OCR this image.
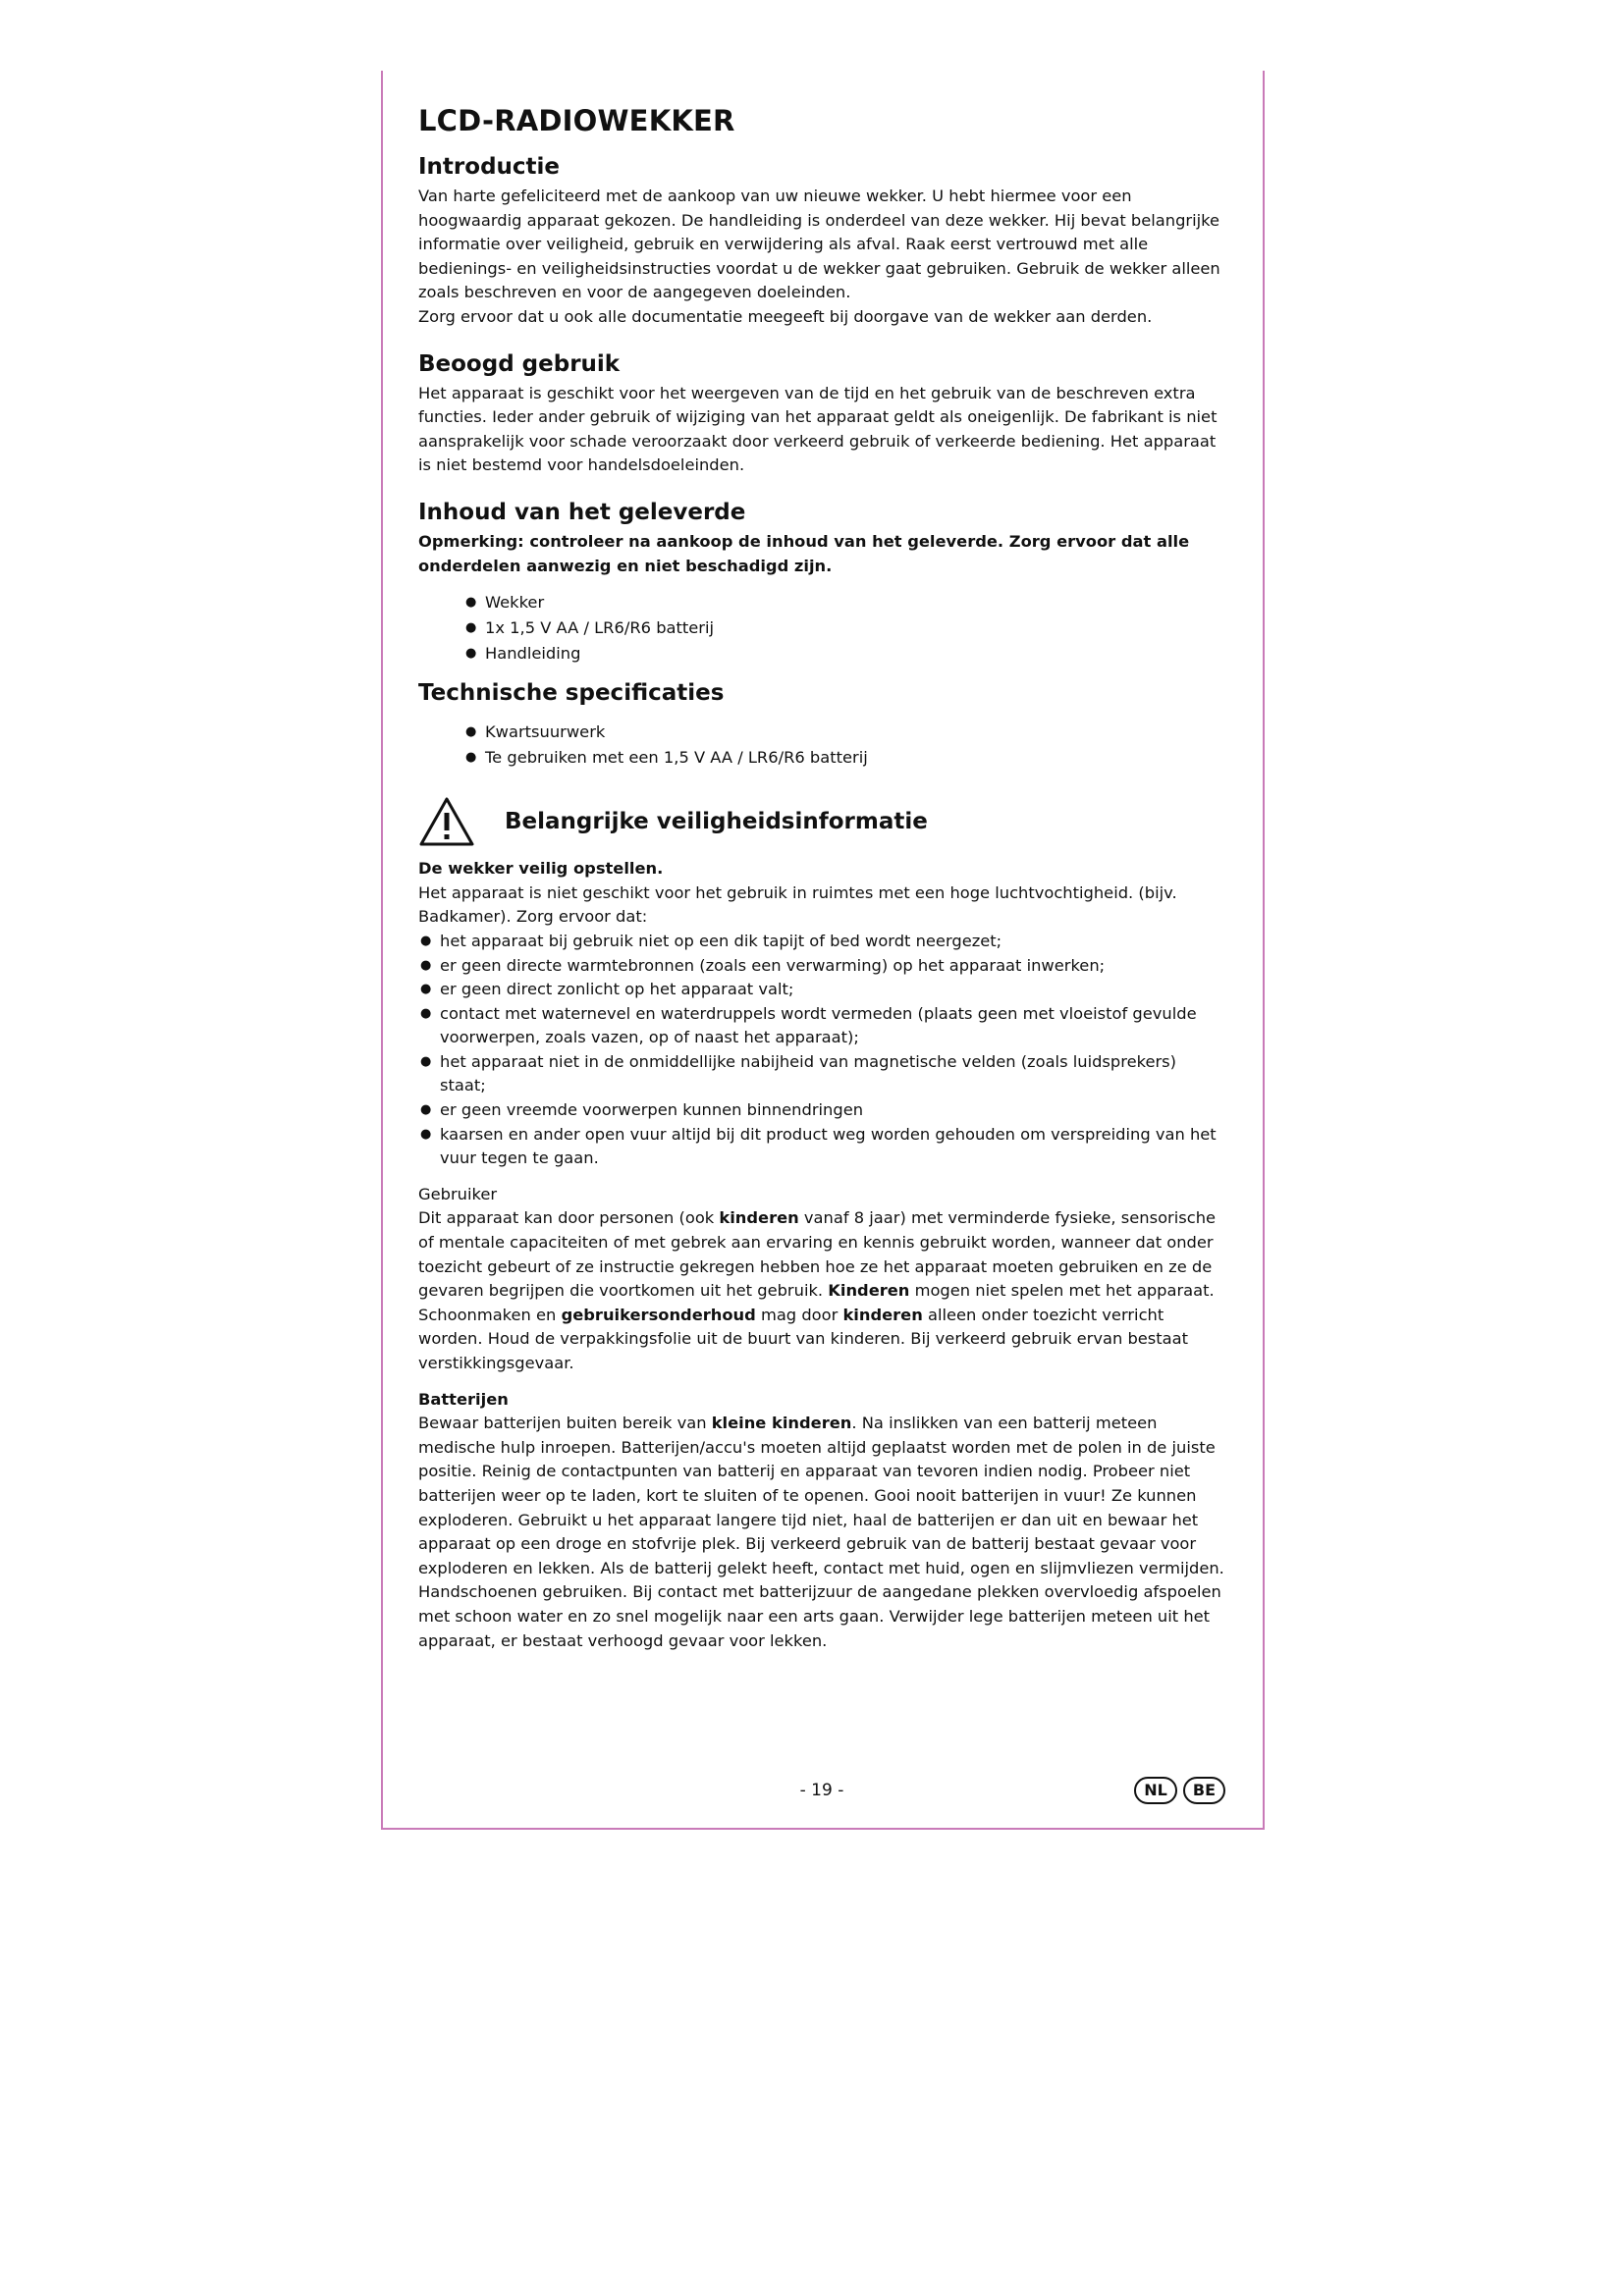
LCD-RADIOWEKKER
Introductie

Van harte gefeliciteerd met de aankoop van uw nieuwe wekker. U hebt hiermee voor een hoogwaardig apparaat gekozen. De handleiding is onderdeel van deze wekker. Hij bevat belangrijke informatie over veiligheid, gebruik en verwijdering als afval. Raak eerst vertrouwd met alle bedienings- en veiligheidsinstructies voordat u de wekker gaat gebruiken. Gebruik de wekker alleen zoals beschreven en voor de aangegeven doeleinden.

Zorg ervoor dat u ook alle documentatie meegeeft bij doorgave van de wekker aan derden.

Beoogd gebruik

Het apparaat is geschikt voor het weergeven van de tijd en het gebruik van de beschreven extra functies. Ieder ander gebruik of wijziging van het apparaat geldt als oneigenlijk. De fabrikant is niet aansprakelijk voor schade veroorzaakt door verkeerd gebruik of verkeerde bediening. Het apparaat is niet bestemd voor handelsdoeleinden.

Inhoud van het geleverde

Opmerking: controleer na aankoop de inhoud van het geleverde. Zorg ervoor dat alle onderdelen aanwezig en niet beschadigd zijn.

● Wekker
● 1x 1,5 V AA / LR6/R6 batterij
● Handleiding
Technische specificaties
● Kwartsuurwerk
● Te gebruiken met een 1,5 V AA / LR6/R6 batterij
Belangrijke veiligheidsinformatie

De wekker veilig opstellen.

Het apparaat is niet geschikt voor het gebruik in ruimtes met een hoge luchtvochtigheid. (bijv. Badkamer). Zorg ervoor dat:

● het apparaat bij gebruik niet op een dik tapijt of bed wordt neergezet;
● er geen directe warmtebronnen (zoals een verwarming) op het apparaat inwerken;
● er geen direct zonlicht op het apparaat valt;
● contact met waternevel en waterdruppels wordt vermeden (plaats geen met vloeistof gevulde voorwerpen, zoals vazen, op of naast het apparaat);
● het apparaat niet in de onmiddellijke nabijheid van magnetische velden (zoals luidsprekers) staat;
● er geen vreemde voorwerpen kunnen binnendringen
● kaarsen en ander open vuur altijd bij dit product weg worden gehouden om verspreiding van het vuur tegen te gaan.

Gebruiker

Dit apparaat kan door personen (ook kinderen vanaf 8 jaar) met verminderde fysieke, sensorische of mentale capaciteiten of met gebrek aan ervaring en kennis gebruikt worden, wanneer dat onder toezicht gebeurt of ze instructie gekregen hebben hoe ze het apparaat moeten gebruiken en ze de gevaren begrijpen die voortkomen uit het gebruik. Kinderen mogen niet spelen met het apparaat. Schoonmaken en gebruikersonderhoud mag door kinderen alleen onder toezicht verricht worden. Houd de verpakkingsfolie uit de buurt van kinderen. Bij verkeerd gebruik ervan bestaat verstikkingsgevaar.

Batterijen

Bewaar batterijen buiten bereik van kleine kinderen. Na inslikken van een batterij meteen medische hulp inroepen. Batterijen/accu's moeten altijd geplaatst worden met de polen in de juiste positie. Reinig de contactpunten van batterij en apparaat van tevoren indien nodig. Probeer niet batterijen weer op te laden, kort te sluiten of te openen. Gooi nooit batterijen in vuur! Ze kunnen exploderen. Gebruikt u het apparaat langere tijd niet, haal de batterijen er dan uit en bewaar het apparaat op een droge en stofvrije plek. Bij verkeerd gebruik van de batterij bestaat gevaar voor exploderen en lekken. Als de batterij gelekt heeft, contact met huid, ogen en slijmvliezen vermijden. Handschoenen gebruiken. Bij contact met batterijzuur de aangedane plekken overvloedig afspoelen met schoon water en zo snel mogelijk naar een arts gaan. Verwijder lege batterijen meteen uit het apparaat, er bestaat verhoogd gevaar voor lekken.

- 19 -	NL	BE
